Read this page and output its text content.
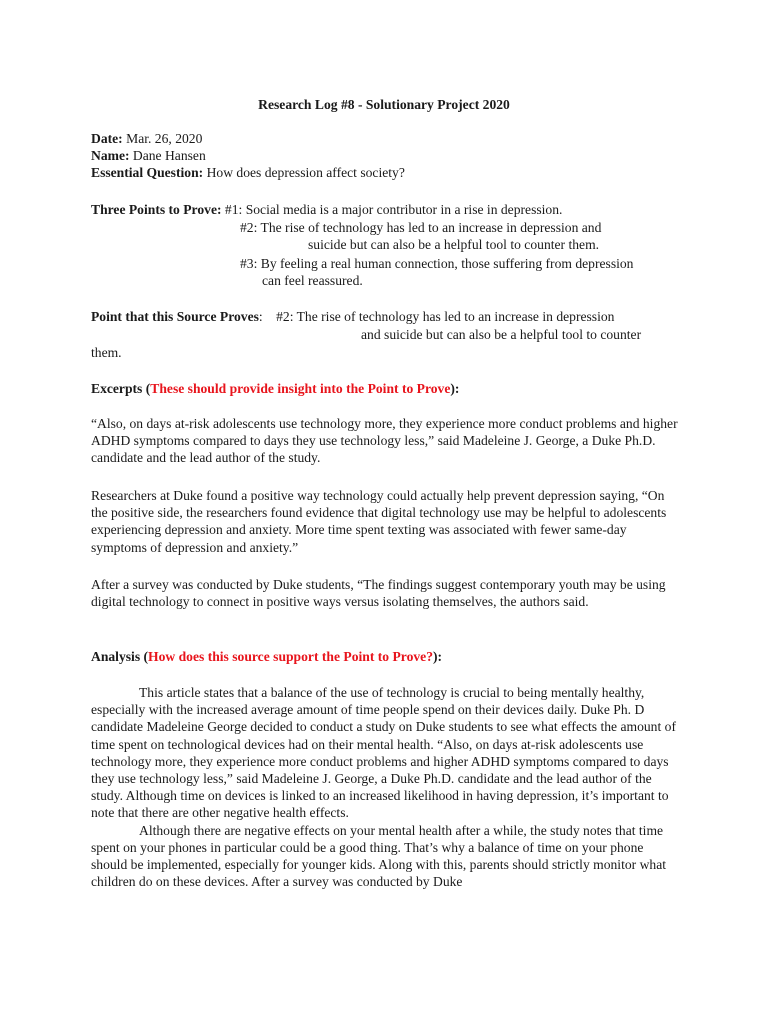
Research Log #8 - Solutionary Project 2020
Date: Mar. 26, 2020
Name: Dane Hansen
Essential Question: How does depression affect society?
Three Points to Prove: #1: Social media is a major contributor in a rise in depression.
#2: The rise of technology has led to an increase in depression and
suicide but can also be a helpful tool to counter them.
#3: By feeling a real human connection, those suffering from depression
can feel reassured.
Point that this Source Proves: #2: The rise of technology has led to an increase in depression
and suicide but can also be a helpful tool to counter
them.
Excerpts (These should provide insight into the Point to Prove):

“Also, on days at-risk adolescents use technology more, they experience more conduct problems and higher ADHD symptoms compared to days they use technology less,” said Madeleine J. George, a Duke Ph.D. candidate and the lead author of the study.

Researchers at Duke found a positive way technology could actually help prevent depression saying, “On the positive side, the researchers found evidence that digital technology use may be helpful to adolescents experiencing depression and anxiety. More time spent texting was associated with fewer same-day symptoms of depression and anxiety.”

After a survey was conducted by Duke students, “The findings suggest contemporary youth may be using digital technology to connect in positive ways versus isolating themselves, the authors said.

Analysis (How does this source support the Point to Prove?):

This article states that a balance of the use of technology is crucial to being mentally healthy, especially with the increased average amount of time people spend on their devices daily. Duke Ph. D candidate Madeleine George decided to conduct a study on Duke students to see what effects the amount of time spent on technological devices had on their mental health. “Also, on days at-risk adolescents use technology more, they experience more conduct problems and higher ADHD symptoms compared to days they use technology less,” said Madeleine J. George, a Duke Ph.D. candidate and the lead author of the study. Although time on devices is linked to an increased likelihood in having depression, it’s important to note that there are other negative health effects.

Although there are negative effects on your mental health after a while, the study notes that time spent on your phones in particular could be a good thing. That’s why a balance of time on your phone should be implemented, especially for younger kids. Along with this, parents should strictly monitor what children do on these devices. After a survey was conducted by Duke
